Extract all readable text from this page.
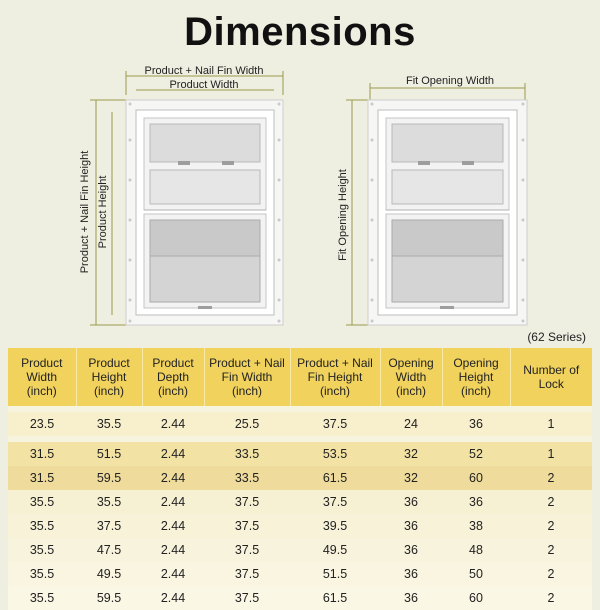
Dimensions
Product + Nail Fin Width
Product Width
Product + Nail Fin Height Product Height
Fit Opening Width
Fit Opening Height
(62 Series)
Product Width (inch)	Product Height (inch)	Product Depth (inch)	Product + Nail Fin Width (inch)	Product + Nail Fin Height (inch)	Opening Width (inch)	Opening Height (inch)	Number of Lock

23.5	35.5	2.44	25.5	37.5	24	36	1

31.5	51.5	2.44	33.5	53.5	32	52	1
31.5	59.5	2.44	33.5	61.5	32	60	2
35.5	35.5	2.44	37.5	37.5	36	36	2
35.5	37.5	2.44	37.5	39.5	36	38	2
35.5	47.5	2.44	37.5	49.5	36	48	2
35.5	49.5	2.44	37.5	51.5	36	50	2
35.5	59.5	2.44	37.5	61.5	36	60	2
